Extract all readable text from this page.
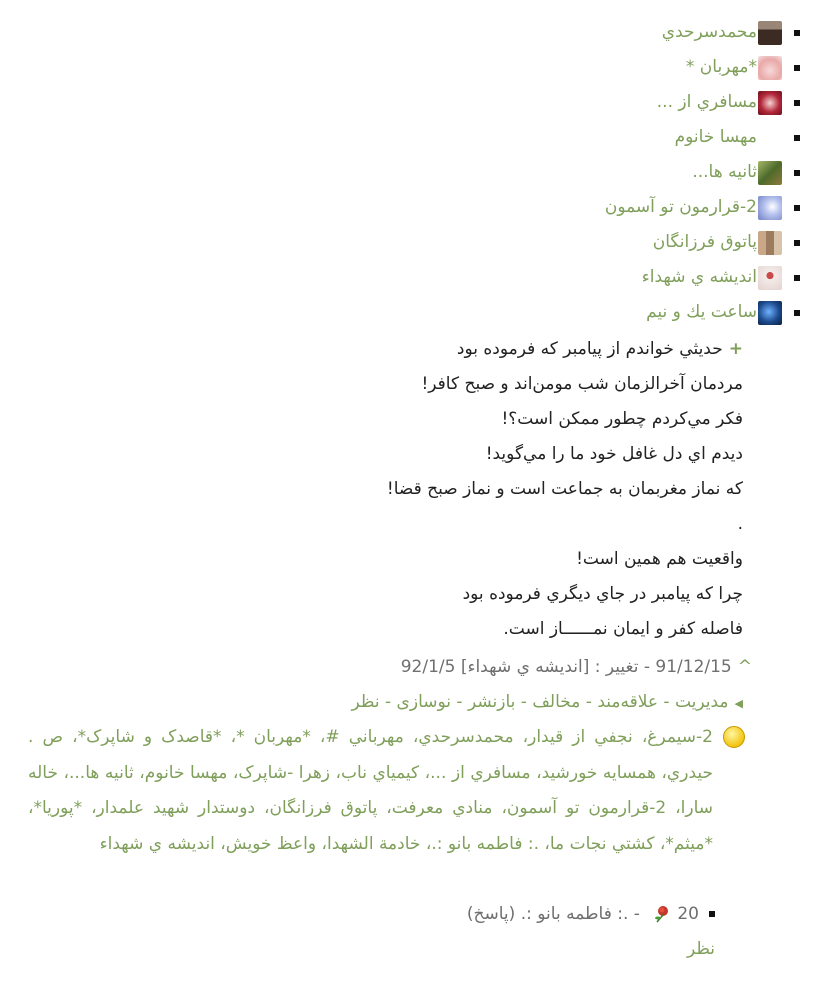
محمدسرحدي
*مهربان *
مسافري از ...
مهسا خانوم
ثانيه ها...
2-قرارمون تو آسمون
پاتوق فرزانگان
انديشه ي شهداء
ساعت يك و نيم
+حديثي خواندم از پيامبر که فرموده بود
مردمان آخرالزمان شب مومن‌اند و صبح کافر!
فکر مي‌کردم چطور ممکن است؟!
ديدم اي دل غافل خود ما را مي‌گويد!
که نماز مغربمان به جماعت است و نماز صبح قضا!
.
واقعيت هم همين است!
چرا که پيامبر در جاي ديگري فرموده بود
فاصله کفر و ايمان نمــــــاز است.
^91/12/15 - تغيير : [انديشه ي شهداء] 92/1/5
◀مديريت - علاقه‌مند - مخالف - بازنشر - نوسازی - نظر

2-سيمرغ، نجفي از قيدار، محمدسرحدي، مهرباني #، *مهربان *، *قاصدک و شاپرک*، ص . حيدري، همسايه خورشيد، مسافري از ...، کيمياي ناب، زهرا -شاپرک، مهسا خانوم، ثانيه ها...، خاله سارا، 2-قرارمون تو آسمون، منادي معرفت، پاتوق فرزانگان، دوستدار شهيد علمدار، *پوريا*، *ميثم*، کشتي نجات ما، .: فاطمه بانو :.، خادمة الشهدا، واعظ خويش، انديشه ي شهداء

20 - .: فاطمه بانو :. (پاسخ)
نظر
